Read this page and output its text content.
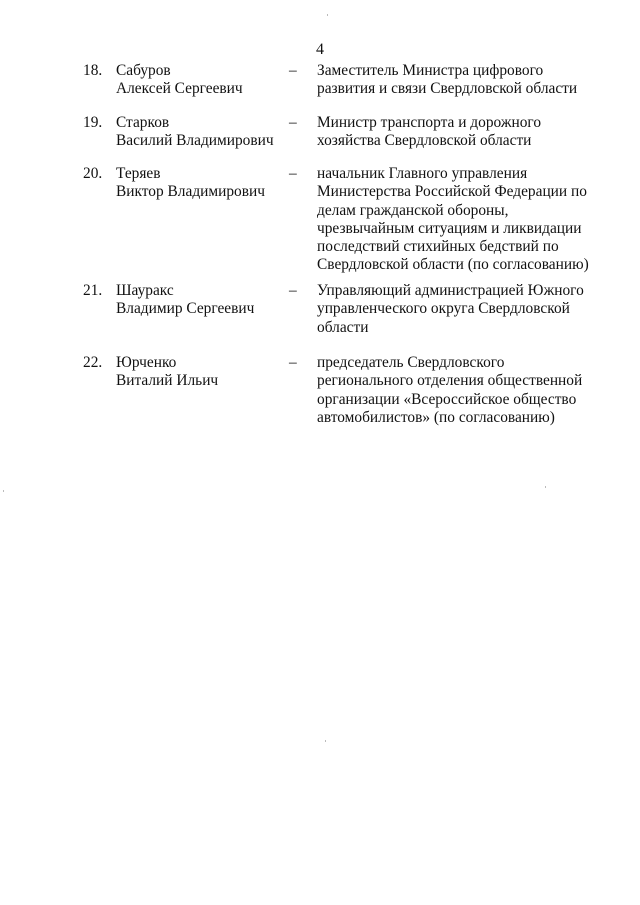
4
18. Сабуров
Алексей Сергеевич
–	Заместитель Министра цифрового
развития и связи Свердловской области
19. Старков
Василий Владимирович
–	Министр транспорта и дорожного
хозяйства Свердловской области
20. Теряев
Виктор Владимирович
–	начальник Главного управления
Министерства Российской Федерации по
делам гражданской обороны,
чрезвычайным ситуациям и ликвидации
последствий стихийных бедствий по
Свердловской области (по согласованию)
21. Шауракс
Владимир Сергеевич
–	Управляющий администрацией Южного
управленческого округа Свердловской
области
22. Юрченко
Виталий Ильич
–	председатель Свердловского
регионального отделения общественной
организации «Всероссийское общество
автомобилистов» (по согласованию)
